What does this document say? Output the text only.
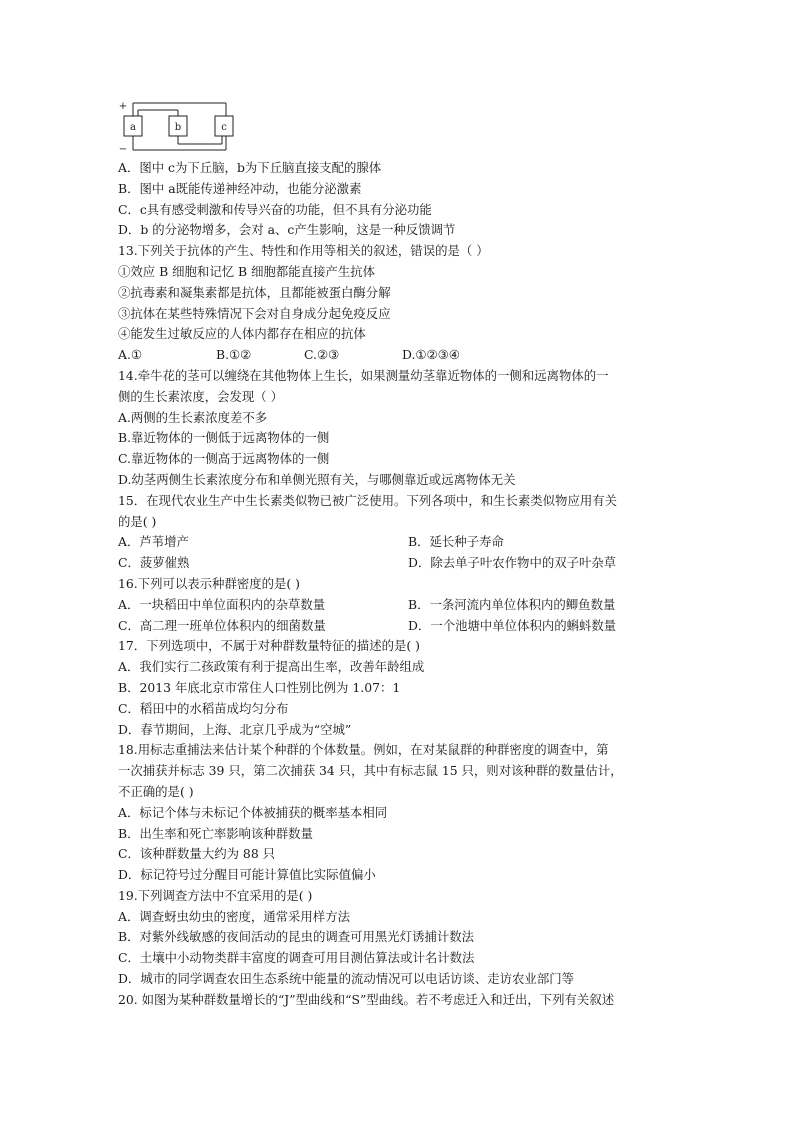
a	b	c
+
−
A．图中 c为下丘脑，b为下丘脑直接支配的腺体
B．图中 a既能传递神经冲动，也能分泌激素
C．c具有感受刺激和传导兴奋的功能，但不具有分泌功能
D．b 的分泌物增多，会对 a、c产生影响，这是一种反馈调节
13.下列关于抗体的产生、特性和作用等相关的叙述，错误的是（ ）
①效应 B 细胞和记忆 B 细胞都能直接产生抗体
②抗毒素和凝集素都是抗体，且都能被蛋白酶分解
③抗体在某些特殊情况下会对自身成分起免疫反应
④能发生过敏反应的人体内都存在相应的抗体
A.①	B.①②	C.②③	D.①②③④
14.牵牛花的茎可以缠绕在其他物体上生长，如果测量幼茎靠近物体的一侧和远离物体的一
侧的生长素浓度，会发现（ ）
A.两侧的生长素浓度差不多
B.靠近物体的一侧低于远离物体的一侧
C.靠近物体的一侧高于远离物体的一侧
D.幼茎两侧生长素浓度分布和单侧光照有关，与哪侧靠近或远离物体无关
15．在现代农业生产中生长素类似物已被广泛使用。下列各项中，和生长素类似物应用有关
的是( )
A．芦苇增产	B．延长种子寿命
C．菠萝催熟	D．除去单子叶农作物中的双子叶杂草
16.下列可以表示种群密度的是( )
A．一块稻田中单位面积内的杂草数量	B．一条河流内单位体积内的鲫鱼数量
C．高二理一班单位体积内的细菌数量	D．一个池塘中单位体积内的蝌蚪数量
17．下列选项中，不属于对种群数量特征的描述的是( )
A．我们实行二孩政策有利于提高出生率，改善年龄组成
B．2013 年底北京市常住人口性别比例为 1.07：1
C．稻田中的水稻苗成均匀分布
D．春节期间，上海、北京几乎成为“空城”
18.用标志重捕法来估计某个种群的个体数量。例如，在对某鼠群的种群密度的调查中，第
一次捕获并标志 39 只，第二次捕获 34 只，其中有标志鼠 15 只，则对该种群的数量估计，
不正确的是( )
A．标记个体与未标记个体被捕获的概率基本相同
B．出生率和死亡率影响该种群数量
C．该种群数量大约为 88 只
D．标记符号过分醒目可能计算值比实际值偏小
19.下列调查方法中不宜采用的是( )
A．调查蚜虫幼虫的密度，通常采用样方法
B．对紫外线敏感的夜间活动的昆虫的调查可用黑光灯诱捕计数法
C．土壤中小动物类群丰富度的调查可用目测估算法或计名计数法
D．城市的同学调查农田生态系统中能量的流动情况可以电话访谈、走访农业部门等
20. 如图为某种群数量增长的“J”型曲线和“S”型曲线。若不考虑迁入和迁出，下列有关叙述
